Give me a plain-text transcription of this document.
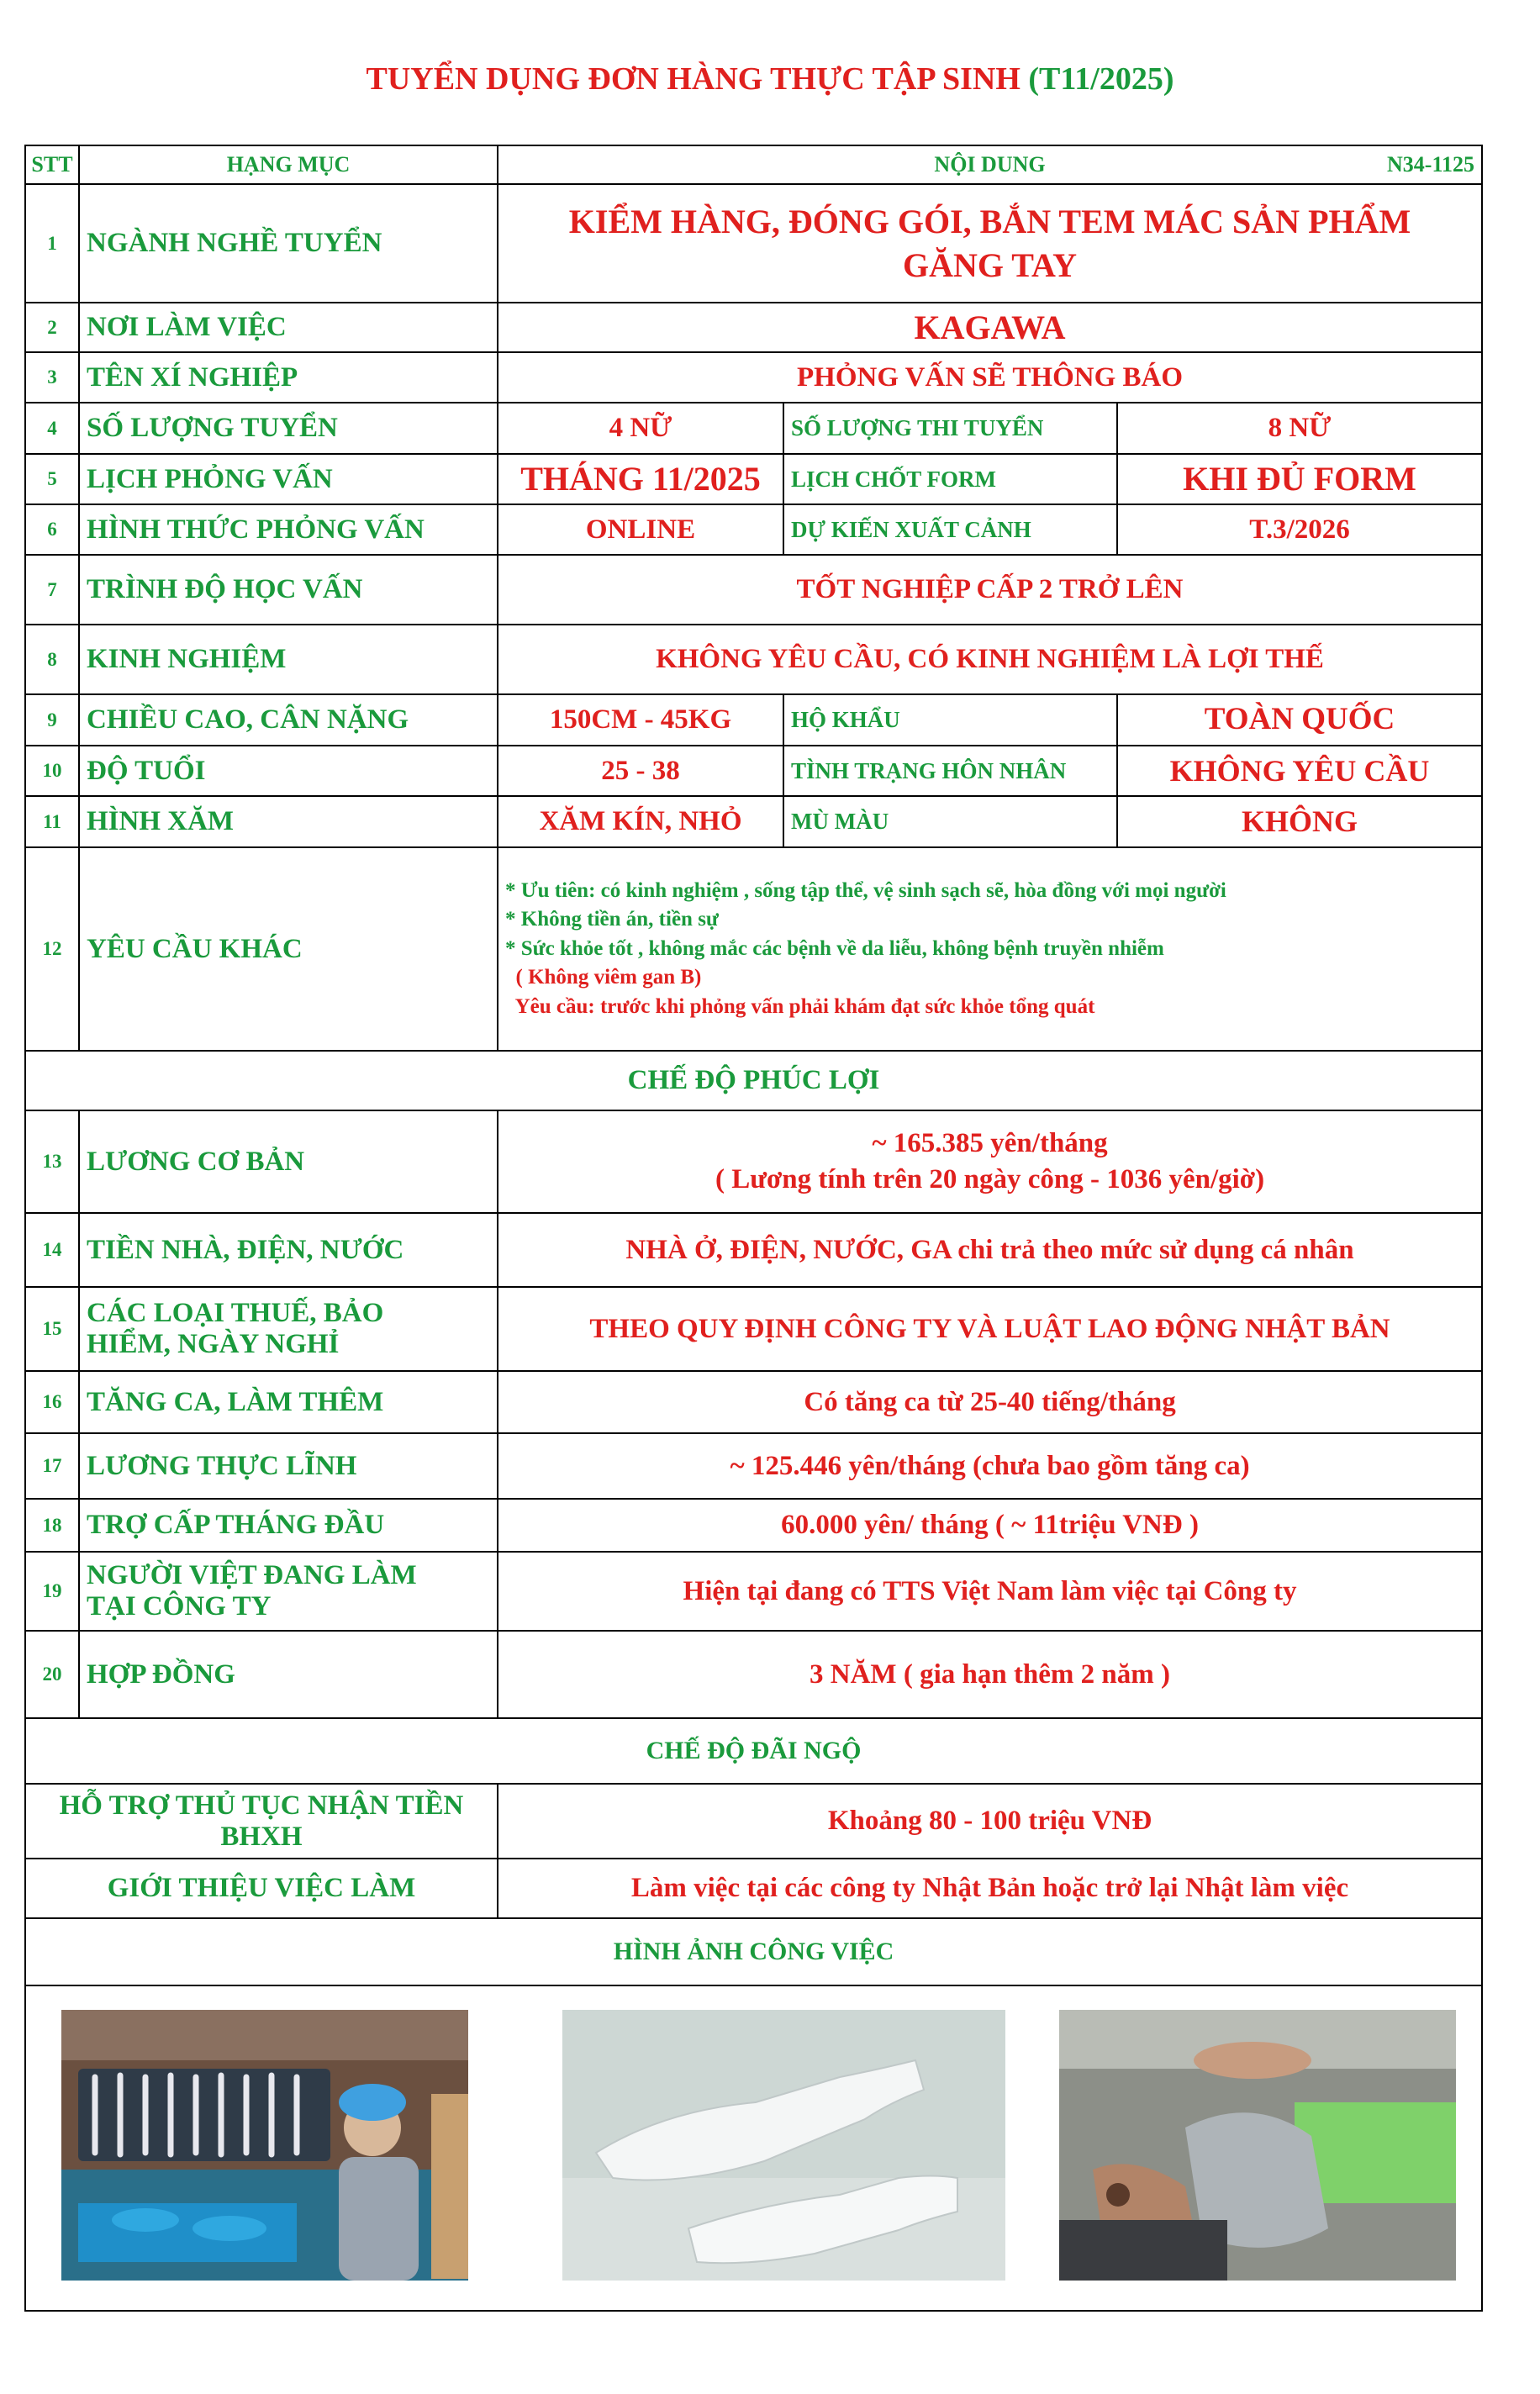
TUYỂN DỤNG ĐƠN HÀNG THỰC TẬP SINH (T11/2025)
STT	HẠNG MỤC	NỘI DUNG N34-1125		

1	NGÀNH NGHỀ TUYỂN	KIỂM HÀNG, ĐÓNG GÓI, BẮN TEM MÁC SẢN PHẨM
GĂNG TAY		

2	NƠI LÀM VIỆC	KAGAWA		
3	TÊN XÍ NGHIỆP	PHỎNG VẤN SẼ THÔNG BÁO		
4	SỐ LƯỢNG TUYỂN	4 NỮ	SỐ LƯỢNG THI TUYỂN	8 NỮ
5	LỊCH PHỎNG VẤN	THÁNG 11/2025	LỊCH CHỐT FORM	KHI ĐỦ FORM
6	HÌNH THỨC PHỎNG VẤN	ONLINE	DỰ KIẾN XUẤT CẢNH	T.3/2026
7	TRÌNH ĐỘ HỌC VẤN	TỐT NGHIỆP CẤP 2 TRỞ LÊN		
8	KINH NGHIỆM	KHÔNG YÊU CẦU, CÓ KINH NGHIỆM LÀ LỢI THẾ		
9	CHIỀU CAO, CÂN NẶNG	150CM - 45KG	HỘ KHẨU	TOÀN QUỐC
10	ĐỘ TUỔI	25 - 38	TÌNH TRẠNG HÔN NHÂN	KHÔNG YÊU CẦU
11	HÌNH XĂM	XĂM KÍN, NHỎ	MÙ MÀU	KHÔNG
12	YÊU CẦU KHÁC	* Ưu tiên: có kinh nghiệm , sống tập thể, vệ sinh sạch sẽ, hòa đồng với mọi người
* Không tiền án, tiền sự
* Sức khỏe tốt , không mắc các bệnh về da liễu, không bệnh truyền nhiễm
( Không viêm gan B)
Yêu cầu: trước khi phỏng vấn phải khám đạt sức khỏe tổng quát		

CHẾ ĐỘ PHÚC LỢI				
13	LƯƠNG CƠ BẢN	~ 165.385 yên/tháng
( Lương tính trên 20 ngày công - 1036 yên/giờ)		

14	TIỀN NHÀ, ĐIỆN, NƯỚC	NHÀ Ở, ĐIỆN, NƯỚC, GA chi trả theo mức sử dụng cá nhân		
15	CÁC LOẠI THUẾ, BẢO
HIỂM, NGÀY NGHỈ	THEO QUY ĐỊNH CÔNG TY VÀ LUẬT LAO ĐỘNG NHẬT BẢN		
16	TĂNG CA, LÀM THÊM	Có tăng ca từ 25-40 tiếng/tháng		
17	LƯƠNG THỰC LĨNH	~ 125.446 yên/tháng (chưa bao gồm tăng ca)		
18	TRỢ CẤP THÁNG ĐẦU	60.000 yên/ tháng ( ~ 11triệu VNĐ )		
19	NGƯỜI VIỆT ĐANG LÀM
TẠI CÔNG TY	Hiện tại đang có TTS Việt Nam làm việc tại Công ty		
20	HỢP ĐỒNG	3 NĂM ( gia hạn thêm 2 năm )		
CHẾ ĐỘ ĐÃI NGỘ				

HỖ TRỢ THỦ TỤC NHẬN TIỀN
BHXH		Khoảng 80 - 100 triệu VNĐ		
GIỚI THIỆU VIỆC LÀM		Làm việc tại các công ty Nhật Bản hoặc trở lại Nhật làm việc		
HÌNH ẢNH CÔNG VIỆC				
